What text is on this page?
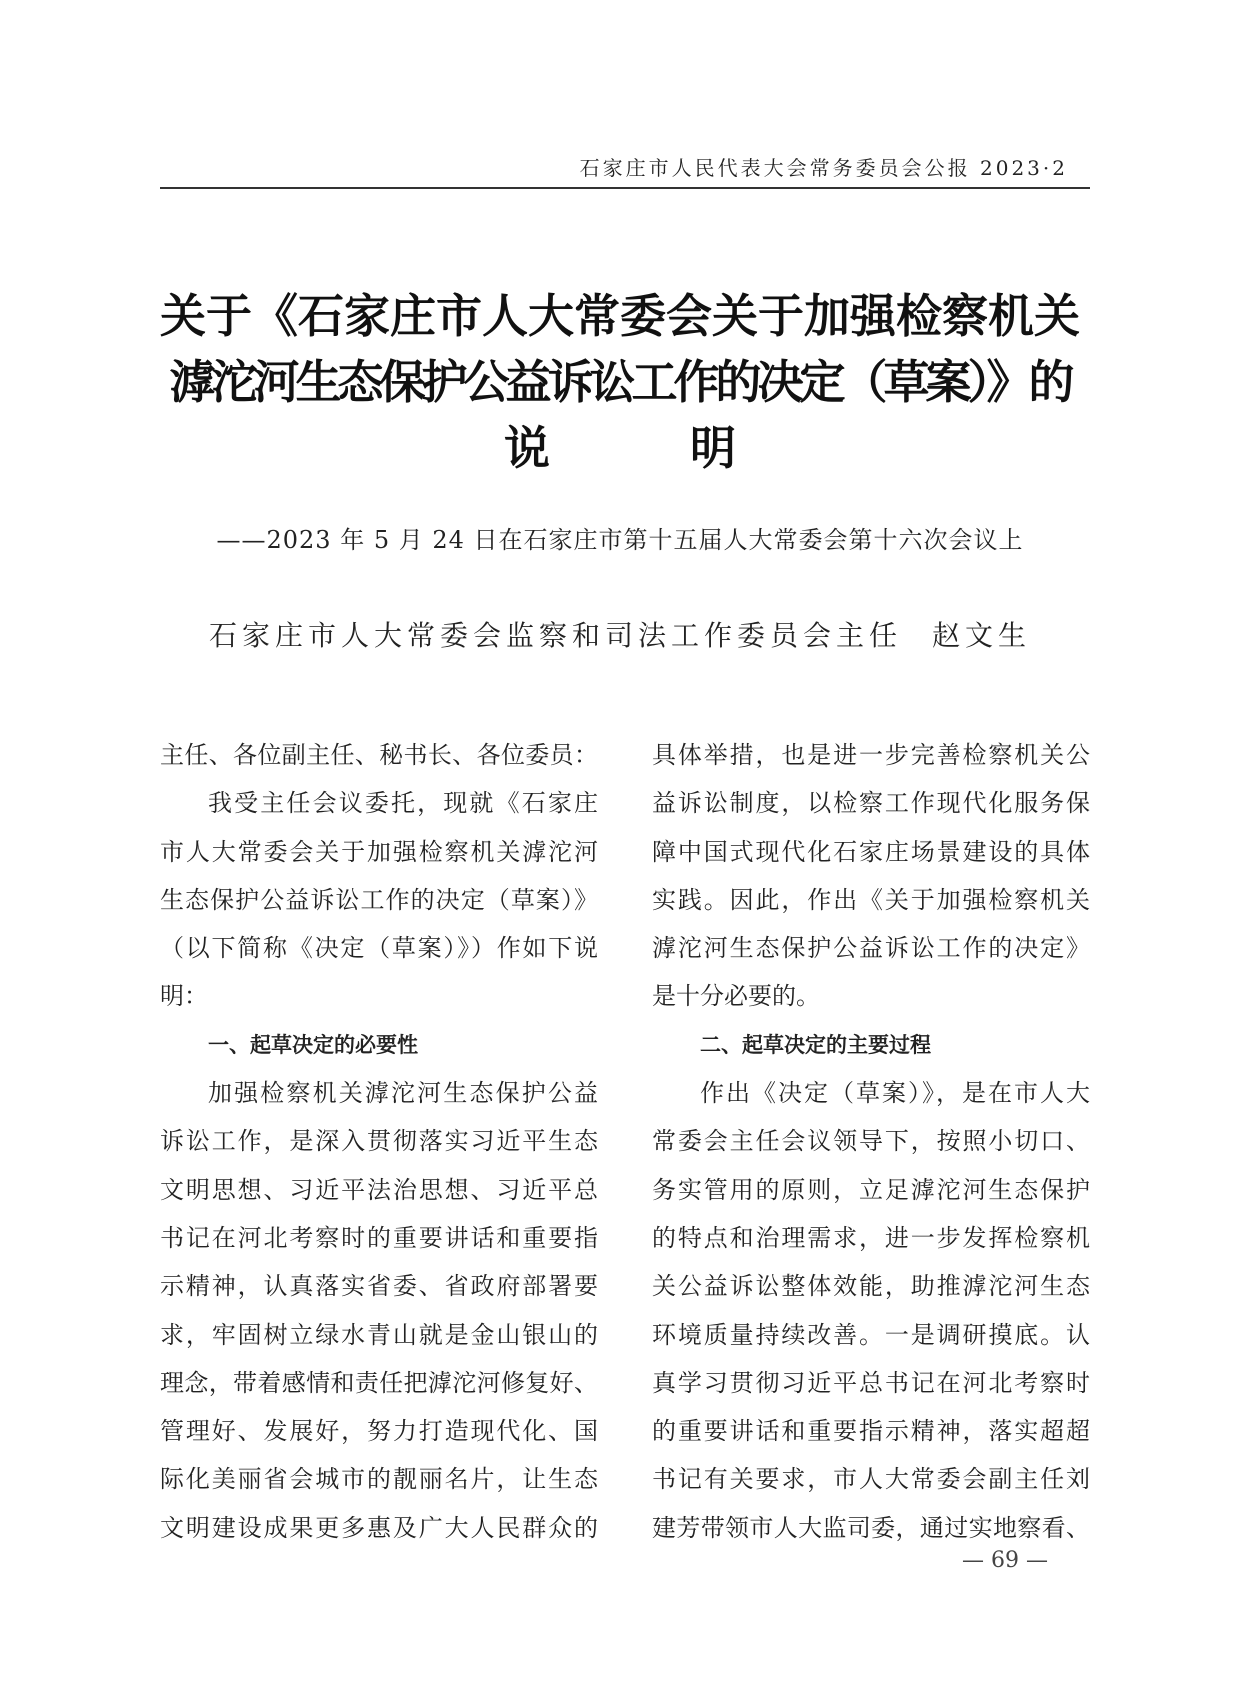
石家庄市人民代表大会常务委员会公报 2023·2
关于《石家庄市人大常委会关于加强检察机关
滹沱河生态保护公益诉讼工作的决定（草案）》的
说	明
——2023 年 5 月 24 日在石家庄市第十五届人大常委会第十六次会议上
石家庄市人大常委会监察和司法工作委员会主任 赵文生
主任、各位副主任、秘书长、各位委员：
我受主任会议委托，现就《石家庄
市人大常委会关于加强检察机关滹沱河
生态保护公益诉讼工作的决定（草案）》
（以下简称《决定（草案）》）作如下说
明：
一、起草决定的必要性
加强检察机关滹沱河生态保护公益
诉讼工作，是深入贯彻落实习近平生态
文明思想、习近平法治思想、习近平总
书记在河北考察时的重要讲话和重要指
示精神，认真落实省委、省政府部署要
求，牢固树立绿水青山就是金山银山的
理念，带着感情和责任把滹沱河修复好、
管理好、发展好，努力打造现代化、国
际化美丽省会城市的靓丽名片，让生态
文明建设成果更多惠及广大人民群众的
具体举措，也是进一步完善检察机关公
益诉讼制度，以检察工作现代化服务保
障中国式现代化石家庄场景建设的具体
实践。因此，作出《关于加强检察机关
滹沱河生态保护公益诉讼工作的决定》
是十分必要的。
二、起草决定的主要过程
作出《决定（草案）》，是在市人大
常委会主任会议领导下，按照小切口、
务实管用的原则，立足滹沱河生态保护
的特点和治理需求，进一步发挥检察机
关公益诉讼整体效能，助推滹沱河生态
环境质量持续改善。一是调研摸底。认
真学习贯彻习近平总书记在河北考察时
的重要讲话和重要指示精神，落实超超
书记有关要求，市人大常委会副主任刘
建芳带领市人大监司委，通过实地察看、
— 69 —
